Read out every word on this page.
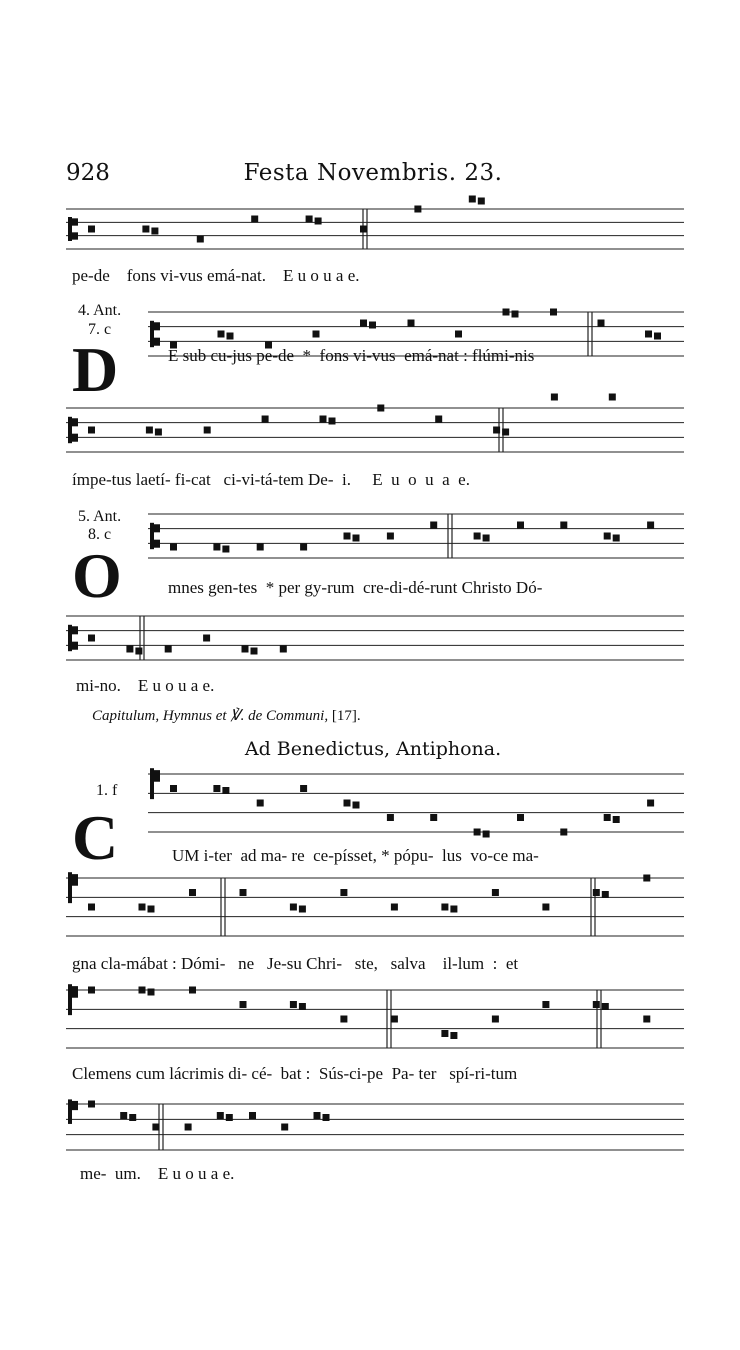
928	Festa Novembris. 23.
pe-de    fons vi-vus emá-nat.    E u o u a e.
4. Ant.
7. c
D	E sub cu-jus pe-de  *  fons vi-vus  emá-nat : flúmi-nis
ímpe-tus laetí- fi-cat   ci-vi-tá-tem De-  i.     E  u  o  u  a  e.
5. Ant.
8. c
O	mnes gen-tes  * per gy-rum  cre-di-dé-runt Christo Dó-
mi-no.    E u o u a e.
Capitulum, Hymnus et ℣. de Communi, [17].
Ad Benedictus, Antiphona.
1. f
C	UM i-ter  ad ma- re  ce-písset, * pópu-  lus  vo-ce ma-
gna cla-mábat : Dómi-   ne   Je-su Chri-   ste,   salva    il-lum  :  et
Clemens cum lácrimis di- cé-  bat :  Sús-ci-pe  Pa- ter   spí-ri-tum
me-  um.    E u o u a e.
